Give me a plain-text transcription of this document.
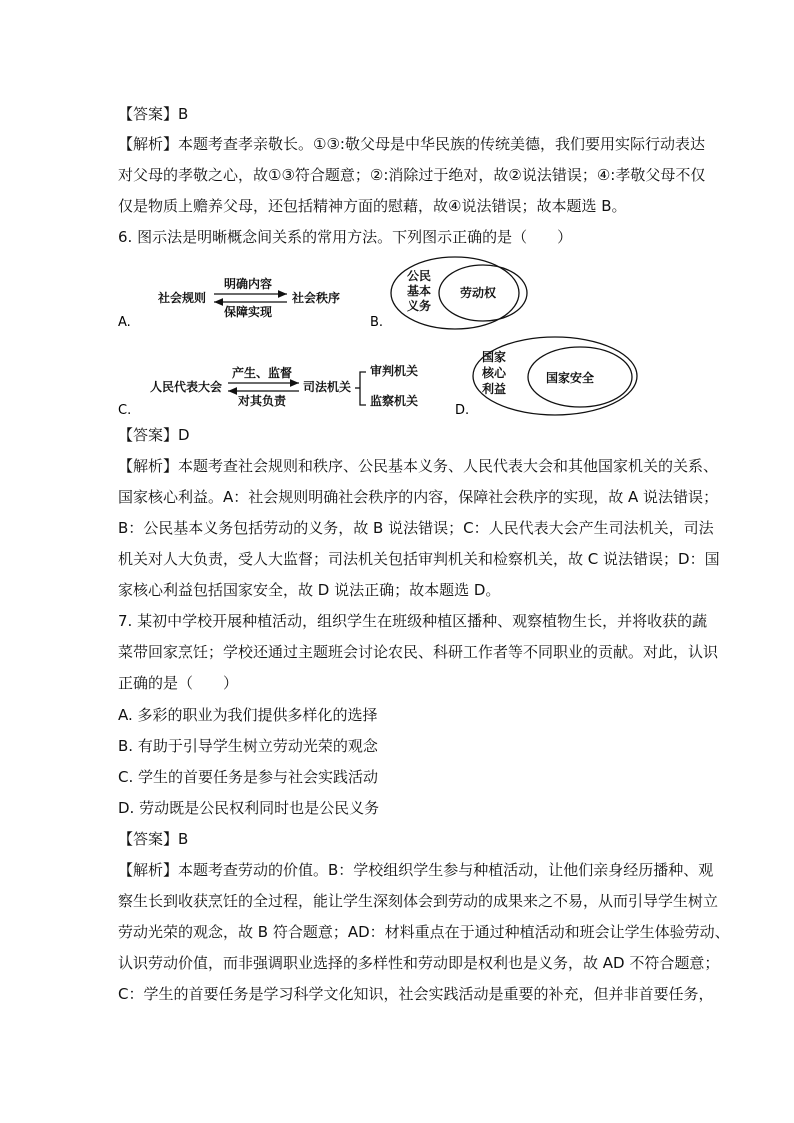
【答案】B
【解析】本题考查孝亲敬长。①③:敬父母是中华民族的传统美德，我们要用实际行动表达
对父母的孝敬之心，故①③符合题意；②:消除过于绝对，故②说法错误；④:孝敬父母不仅
仅是物质上赡养父母，还包括精神方面的慰藉，故④说法错误；故本题选 B。
6. 图示法是明晰概念间关系的常用方法。下列图示正确的是（　　）
A.
社会规则
明确内容
保障实现
社会秩序
B.
公民
基本
义务
劳动权
C.
人民代表大会
产生、监督
对其负责
司法机关
审判机关
监察机关
D.
国家
核心
利益
国家安全
【答案】D
【解析】本题考查社会规则和秩序、公民基本义务、人民代表大会和其他国家机关的关系、
国家核心利益。A：社会规则明确社会秩序的内容，保障社会秩序的实现，故 A 说法错误；
B：公民基本义务包括劳动的义务，故 B 说法错误；C：人民代表大会产生司法机关，司法
机关对人大负责，受人大监督；司法机关包括审判机关和检察机关，故 C 说法错误；D：国
家核心利益包括国家安全，故 D 说法正确；故本题选 D。
7. 某初中学校开展种植活动，组织学生在班级种植区播种、观察植物生长，并将收获的蔬
菜带回家烹饪；学校还通过主题班会讨论农民、科研工作者等不同职业的贡献。对此，认识
正确的是（　　）
A. 多彩的职业为我们提供多样化的选择
B. 有助于引导学生树立劳动光荣的观念
C. 学生的首要任务是参与社会实践活动
D. 劳动既是公民权利同时也是公民义务
【答案】B
【解析】本题考查劳动的价值。B：学校组织学生参与种植活动，让他们亲身经历播种、观
察生长到收获烹饪的全过程，能让学生深刻体会到劳动的成果来之不易，从而引导学生树立
劳动光荣的观念，故 B 符合题意；AD：材料重点在于通过种植活动和班会让学生体验劳动、
认识劳动价值，而非强调职业选择的多样性和劳动即是权利也是义务，故 AD 不符合题意；
C：学生的首要任务是学习科学文化知识，社会实践活动是重要的补充，但并非首要任务，
